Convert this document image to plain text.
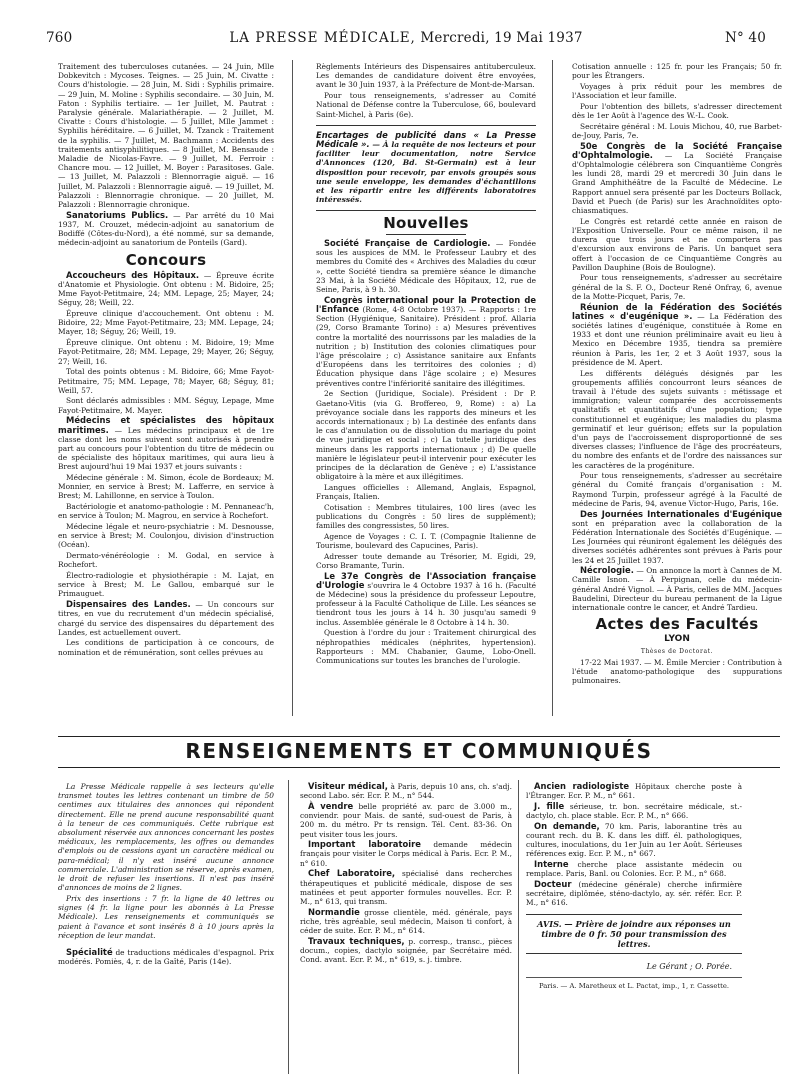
760	LA PRESSE MÉDICALE, Mercredi, 19 Mai 1937	N° 40

Traitement des tuberculoses cutanées. — 24 Juin, Mlle Dobkevitch : Mycoses. Teignes. — 25 Juin, M. Civatte : Cours d'histologie. — 28 Juin, M. Sidi : Syphilis primaire. — 29 Juin, M. Moline : Syphilis secondaire. — 30 Juin, M. Faton : Syphilis tertiaire. — 1er Juillet, M. Pautrat : Paralysie générale. Malariathérapie. — 2 Juillet, M. Civatte : Cours d'histologie. — 5 Juillet, Mlle Jammet : Syphilis héréditaire. — 6 Juillet, M. Tzanck : Traitement de la syphilis. — 7 Juillet, M. Bachmann : Accidents des traitements antisyphilitiques. — 8 Juillet, M. Bensaude : Maladie de Nicolas-Favre. — 9 Juillet, M. Ferroir : Chancre mou. — 12 Juillet, M. Boyer : Parasitoses. Gale. — 13 Juillet, M. Palazzoli : Blennorragie aiguë. — 16 Juillet, M. Palazzoli : Blennorragie aiguë. — 19 Juillet, M. Palazzoli : Blennorragie chronique. — 20 Juillet, M. Palazzoli : Blennorragie chronique.

Sanatoriums Publics. — Par arrêté du 10 Mai 1937, M. Crouzet, médecin-adjoint au sanatorium de Bodiffé (Côtes-du-Nord), a été nommé, sur sa demande, médecin-adjoint au sanatorium de Ponteils (Gard).

Concours

Accoucheurs des Hôpitaux. — Épreuve écrite d'Anatomie et Physiologie. Ont obtenu : M. Bidoire, 25; Mme Fayot-Petitmaire, 24; MM. Lepage, 25; Mayer, 24; Séguy, 28; Weill, 22.

Épreuve clinique d'accouchement. Ont obtenu : M. Bidoire, 22; Mme Fayot-Petitmaire, 23; MM. Lepage, 24; Mayer, 18; Séguy, 26; Weill, 19.

Épreuve clinique. Ont obtenu : M. Bidoire, 19; Mme Fayot-Petitmaire, 28; MM. Lepage, 29; Mayer, 26; Séguy, 27; Weill, 16.

Total des points obtenus : M. Bidoire, 66; Mme Fayot-Petitmaire, 75; MM. Lepage, 78; Mayer, 68; Séguy, 81; Weill, 57.

Sont déclarés admissibles : MM. Séguy, Lepage, Mme Fayot-Petitmaire, M. Mayer.

Médecins et spécialistes des hôpitaux maritimes. — Les médecins principaux et de 1re classe dont les noms suivent sont autorisés à prendre part au concours pour l'obtention du titre de médecin ou de spécialiste des hôpitaux maritimes, qui aura lieu à Brest aujourd'hui 19 Mai 1937 et jours suivants :

Médecine générale : M. Simon, école de Bordeaux; M. Monnier, en service à Brest; M. Lafferre, en service à Brest; M. Lahillonne, en service à Toulon.

Bactériologie et anatomo-pathologie : M. Pennaneac'h, en service à Toulon; M. Magrou, en service à Rochefort.

Médecine légale et neuro-psychiatrie : M. Desnousse, en service à Brest; M. Coulonjou, division d'instruction (Océan).

Dermato-vénéréologie : M. Godal, en service à Rochefort.

Électro-radiologie et physiothérapie : M. Lajat, en service à Brest; M. Le Gallou, embarqué sur le Primauguet.

Dispensaires des Landes. — Un concours sur titres, en vue du recrutement d'un médecin spécialisé, chargé du service des dispensaires du département des Landes, est actuellement ouvert.

Les conditions de participation à ce concours, de nomination et de rémunération, sont celles prévues au

Règlements Intérieurs des Dispensaires antituberculeux. Les demandes de candidature doivent être envoyées, avant le 30 Juin 1937, à la Préfecture de Mont-de-Marsan.

Pour tous renseignements, s'adresser au Comité National de Défense contre la Tuberculose, 66, boulevard Saint-Michel, à Paris (6e).

Encartages de publicité dans « La Presse Médicale ». — À la requête de nos lecteurs et pour faciliter leur documentation, notre Service d'Annonces (120, Bd. St-Germain) est à leur disposition pour recevoir, par envois groupés sous une seule enveloppe, les demandes d'échantillons et les répartir entre les différents laboratoires intéressés.

Nouvelles

Société Française de Cardiologie. — Fondée sous les auspices de MM. le Professeur Laubry et des membres du Comité des « Archives des Maladies du cœur », cette Société tiendra sa première séance le dimanche 23 Mai, à la Société Médicale des Hôpitaux, 12, rue de Seine, Paris, à 9 h. 30.

Congrès international pour la Protection de l'Enfance (Rome, 4-8 Octobre 1937). — Rapports : 1re Section (Hygiénique, Sanitaire). Président : prof. Allaria (29, Corso Bramante Torino) : a) Mesures préventives contre la mortalité des nourrissons par les maladies de la nutrition ; b) Institution des colonies climatiques pour l'âge préscolaire ; c) Assistance sanitaire aux Enfants d'Européens dans les territoires des colonies ; d) Éducation physique dans l'âge scolaire ; e) Mesures préventives contre l'infériorité sanitaire des illégitimes.

2e Section (Juridique, Sociale). Président : Dr P. Gaetano-Vitis (via G. Broffereo, 9, Rome) : a) La prévoyance sociale dans les rapports des mineurs et les accords internationaux ; b) La destinée des enfants dans le cas d'annulation ou de dissolution du mariage du point de vue juridique et social ; c) La tutelle juridique des mineurs dans les rapports internationaux ; d) De quelle manière le législateur peut-il intervenir pour exécuter les principes de la déclaration de Genève ; e) L'assistance obligatoire à la mère et aux illégitimes.

Langues officielles : Allemand, Anglais, Espagnol, Français, Italien.

Cotisation : Membres titulaires, 100 lires (avec les publications du Congrès : 50 lires de supplément); familles des congressistes, 50 lires.

Agence de Voyages : C. I. T. (Compagnie Italienne de Tourisme, boulevard des Capucines, Paris).

Adresser toute demande au Trésorier, M. Egidi, 29, Corso Bramante, Turin.

Le 37e Congrès de l'Association française d'Urologie s'ouvrira le 4 Octobre 1937 à 16 h. (Faculté de Médecine) sous la présidence du professeur Lepoutre, professeur à la Faculté Catholique de Lille. Les séances se tiendront tous les jours à 14 h. 30 jusqu'au samedi 9 inclus. Assemblée générale le 8 Octobre à 14 h. 30.

Question à l'ordre du jour : Traitement chirurgical des néphropathies médicales (néphrites, hypertension). Rapporteurs : MM. Chabanier, Gaume, Lobo-Onell. Communications sur toutes les branches de l'urologie.

Cotisation annuelle : 125 fr. pour les Français; 50 fr. pour les Étrangers.

Voyages à prix réduit pour les membres de l'Association et leur famille.

Pour l'obtention des billets, s'adresser directement dès le 1er Août à l'agence des W.-L. Cook.

Secrétaire général : M. Louis Michou, 40, rue Barbet-de-Jouy, Paris, 7e.

50e Congrès de la Société Française d'Ophtalmologie. — La Société Française d'Ophtalmologie célébrera son Cinquantième Congrès les lundi 28, mardi 29 et mercredi 30 Juin dans le Grand Amphithéâtre de la Faculté de Médecine. Le Rapport annuel sera présenté par les Docteurs Bollack, David et Puech (de Paris) sur les Arachnoïdites opto-chiasmatiques.

Le Congrès est retardé cette année en raison de l'Exposition Universelle. Pour ce même raison, il ne durera que trois jours et ne comportera pas d'excursion aux environs de Paris. Un banquet sera offert à l'occasion de ce Cinquantième Congrès au Pavillon Dauphine (Bois de Boulogne).

Pour tous renseignements, s'adresser au secrétaire général de la S. F. O., Docteur René Onfray, 6, avenue de la Motte-Picquet, Paris, 7e.

Réunion de la Fédération des Sociétés latines « d'eugénique ». — La Fédération des sociétés latines d'eugénique, constituée à Rome en 1933 et dont une réunion préliminaire avait eu lieu à Mexico en Décembre 1935, tiendra sa première réunion à Paris, les 1er, 2 et 3 Août 1937, sous la présidence de M. Apert.

Les différents délégués désignés par les groupements affiliés concourront leurs séances de travail à l'étude des sujets suivants : métissage et immigration; valeur comparée des accroissements qualitatifs et quantitatifs d'une population; type constitutionnel et eugénique; les maladies du plasma germinatif et leur guérison; effets sur la population d'un pays de l'accroissement disproportionné de ses diverses classes; l'influence de l'âge des procréateurs, du nombre des enfants et de l'ordre des naissances sur les caractères de la progéniture.

Pour tous renseignements, s'adresser au secrétaire général du Comité français d'organisation : M. Raymond Turpin, professeur agrégé à la Faculté de médecine de Paris, 94, avenue Victor-Hugo, Paris, 16e.

Des Journées Internationales d'Eugénique sont en préparation avec la collaboration de la Fédération Internationale des Sociétés d'Eugénique. — Les Journées qui réuniront également les délégués des diverses sociétés adhérentes sont prévues à Paris pour les 24 et 25 Juillet 1937.

Nécrologie. — On annonce la mort à Cannes de M. Camille Isnon. — À Perpignan, celle du médecin-général André Vignol. — À Paris, celles de MM. Jacques Baudelini, Directeur du bureau permanent de la Ligue internationale contre le cancer, et André Tardieu.

Actes des Facultés
LYON
Thèses de Doctorat.

17-22 Mai 1937. — M. Émile Mercier : Contribution à l'étude anatomo-pathologique des suppurations pulmonaires.

RENSEIGNEMENTS ET COMMUNIQUÉS

La Presse Médicale rappelle à ses lecteurs qu'elle transmet toutes les lettres contenant un timbre de 50 centimes aux titulaires des annonces qui répondent directement. Elle ne prend aucune responsabilité quant à la teneur de ces communiqués. Cette rubrique est absolument réservée aux annonces concernant les postes médicaux, les remplacements, les offres ou demandes d'emplois ou de cessions ayant un caractère médical ou para-médical; il n'y est inséré aucune annonce commerciale. L'administration se réserve, après examen, le droit de refuser les insertions. Il n'est pas inséré d'annonces de moins de 2 lignes.

Prix des insertions : 7 fr. la ligne de 40 lettres ou signes (4 fr. la ligne pour les abonnés à La Presse Médicale). Les renseignements et communiqués se paient à l'avance et sont insérés 8 à 10 jours après la réception de leur mandat.

Spécialité de traductions médicales d'espagnol. Prix modérés. Pomiès, 4, r. de la Gaîté, Paris (14e).

Visiteur médical, à Paris, depuis 10 ans, ch. s'adj. second Labo. sér. Ecr. P. M., n° 544.

À vendre belle propriété av. parc de 3.000 m., conviendr. pour Mais. de santé, sud-ouest de Paris, à 200 m. du métro. Pr ts rensign. Tél. Cent. 83-36. On peut visiter tous les jours.

Important laboratoire demande médecin français pour visiter le Corps médical à Paris. Ecr. P. M., n° 610.

Chef Laboratoire, spécialisé dans recherches thérapeutiques et publicité médicale, dispose de ses matinées et peut apporter formules nouvelles. Ecr. P. M., n° 613, qui transm.

Normandie grosse clientèle, méd. générale, pays riche, très agréable, seul médecin, Maison ti confort, à céder de suite. Ecr. P. M., n° 614.

Travaux techniques, p. corresp., transc., pièces docum., copies, dactylo soignée, par Secrétaire méd. Cond. avant. Ecr. P. M., n° 619, s. j. timbre.

Ancien radiologiste Hôpitaux cherche poste à l'Étranger. Ecr. P. M., n° 661.

J. fille sérieuse, tr. bon. secrétaire médicale, st.-dactylo, ch. place stable. Ecr. P. M., n° 666.

On demande, 70 km. Paris, laborantine très au courant rech. du B. K. dans les diff. él. pathologiques, cultures, inoculations, du 1er Juin au 1er Août. Sérieuses références exig. Ecr. P. M., n° 667.

Interne cherche place assistante médecin ou remplace. Paris, Banl. ou Colonies. Ecr. P. M., n° 668.

Docteur (médecine générale) cherche infirmière secrétaire, diplômée, sténo-dactylo, ay. sér. référ. Ecr. P. M., n° 616.

AVIS. — Prière de joindre aux réponses un timbre de 0 fr. 50 pour transmission des lettres.
Le Gérant ; O. Porée.
Paris. — A. Maretheux et L. Pactat, imp., 1, r. Cassette.
